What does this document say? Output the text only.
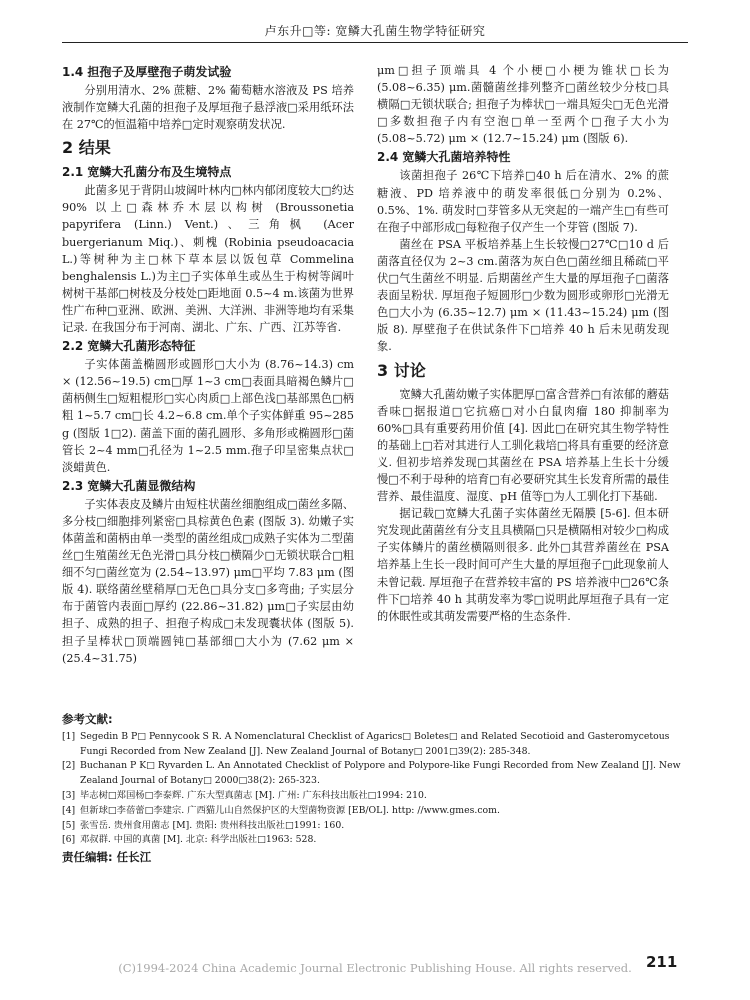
卢东升□等: 宽鳞大孔菌生物学特征研究
1.4 担孢子及厚壁孢子萌发试验

分别用清水、2% 蔗糖、2% 葡萄糖水溶液及 PS 培养液制作宽鳞大孔菌的担孢子及厚垣孢子悬浮液□采用纸环法在 27℃的恒温箱中培养□定时观察萌发状况.

2 结果
2.1 宽鳞大孔菌分布及生境特点

此菌多见于背阴山坡阔叶林内□林内郁闭度较大□约达 90% 以上□森林乔木层以构树 (Broussonetia papyrifera (Linn.) Vent.)、三角枫 (Acer buergerianum Miq.)、刺槐 (Robinia pseudoacacia L.)等树种为主□林下草本层以饭包草 Commelina benghalensis L.)为主□子实体单生或丛生于构树等阔叶树树干基部□树枝及分枝处□距地面 0.5~4 m.该菌为世界性广布种□亚洲、欧洲、美洲、大洋洲、非洲等地均有采集记录. 在我国分布于河南、湖北、广东、广西、江苏等省.

2.2 宽鳞大孔菌形态特征

子实体菌盖椭圆形或圆形□大小为 (8.76~14.3) cm × (12.56~19.5) cm□厚 1~3 cm□表面具暗褐色鳞片□菌柄侧生□短粗棍形□实心肉质□上部色浅□基部黑色□柄粗 1~5.7 cm□长 4.2~6.8 cm.单个子实体鲜重 95~285 g (图版 1□2). 菌盖下面的菌孔圆形、多角形或椭圆形□菌管长 2~4 mm□孔径为 1~2.5 mm.孢子印呈密集点状□淡蜡黄色.

2.3 宽鳞大孔菌显微结构

子实体表皮及鳞片由短柱状菌丝细胞组成□菌丝多隔、多分枝□细胞排列紧密□具棕黄色色素 (图版 3). 幼嫩子实体菌盖和菌柄由单一类型的菌丝组成□成熟子实体为二型菌丝□生殖菌丝无色光滑□具分枝□横隔少□无锁状联合□粗细不匀□菌丝宽为 (2.54~13.97) μm□平均 7.83 μm (图版 4). 联络菌丝壁稍厚□无色□具分支□多弯曲; 子实层分布于菌管内表面□厚约 (22.86~31.82) μm□子实层由幼担子、成熟的担子、担孢子构成□未发现囊状体 (图版 5). 担子呈棒状□顶端圆钝□基部细□大小为 (7.62 μm × (25.4~31.75)

μm□担子顶端具 4 个小梗□小梗为锥状□长为 (5.08~6.35) μm.菌髓菌丝排列整齐□菌丝较少分枝□具横隔□无锁状联合; 担孢子为棒状□一端具短尖□无色光滑□多数担孢子内有空泡□单一至两个□孢子大小为 (5.08~5.72) μm × (12.7~15.24) μm (图版 6).

2.4 宽鳞大孔菌培养特性

该菌担孢子 26℃下培养□40 h 后在清水、2% 的蔗糖液、PD 培养液中的萌发率很低□分别为 0.2%、0.5%、1%. 萌发时□芽管多从无突起的一端产生□有些可在孢子中部形成□每粒孢子仅产生一个芽管 (图版 7).

菌丝在 PSA 平板培养基上生长较慢□27℃□10 d 后菌落直径仅为 2~3 cm.菌落为灰白色□菌丝细且稀疏□平伏□气生菌丝不明显. 后期菌丝产生大量的厚垣孢子□菌落表面呈粉状. 厚垣孢子短圆形□少数为圆形或卵形□光滑无色□大小为 (6.35~12.7) μm × (11.43~15.24) μm (图版 8). 厚壁孢子在供试条件下□培养 40 h 后未见萌发现象.

3 讨论

宽鳞大孔菌幼嫩子实体肥厚□富含营养□有浓郁的蘑菇香味□据报道□它抗癌□对小白鼠肉瘤 180 抑制率为 60%□具有重要药用价值 [4]. 因此□在研究其生物学特性的基础上□若对其进行人工驯化栽培□将具有重要的经济意义. 但初步培养发现□其菌丝在 PSA 培养基上生长十分缓慢□不利于母种的培育□有必要研究其生长发育所需的最佳营养、最佳温度、湿度、pH 值等□为人工驯化打下基础.

据记载□宽鳞大孔菌子实体菌丝无隔膜 [5-6]. 但本研究发现此菌菌丝有分支且具横隔□只是横隔相对较少□构成子实体鳞片的菌丝横隔则很多. 此外□其营养菌丝在 PSA 培养基上生长一段时间可产生大量的厚垣孢子□此现象前人未曾记载. 厚垣孢子在营养较丰富的 PS 培养液中□26℃条件下□培养 40 h 其萌发率为零□说明此厚垣孢子具有一定的休眠性或其萌发需要严格的生态条件.

参考文献:
[1] Segedin B P□ Pennycook S R. A Nomenclatural Checklist of Agarics□ Boletes□ and Related Secotioid and Gasteromycetous Fungi Recorded from New Zealand [J]. New Zealand Journal of Botany□ 2001□39(2): 285-348.
[2] Buchanan P K□ Ryvarden L. An Annotated Checklist of Polypore and Polypore-like Fungi Recorded from New Zealand [J]. New Zealand Journal of Botany□ 2000□38(2): 265-323.
[3] 毕志树□郑国杨□李泰辉. 广东大型真菌志 [M]. 广州: 广东科技出版社□1994: 210.
[4] 但新球□李蓓蕾□李建宗. 广西猫儿山自然保护区的大型菌物资源 [EB/OL]. http: //www.gmes.com.
[5] 张雪岳. 贵州食用菌志 [M]. 贵阳: 贵州科技出版社□1991: 160.
[6] 邓叔群. 中国的真菌 [M]. 北京: 科学出版社□1963: 528.
责任编辑: 任长江
(C)1994-2024 China Academic Journal Electronic Publishing House. All rights reserved. 211
